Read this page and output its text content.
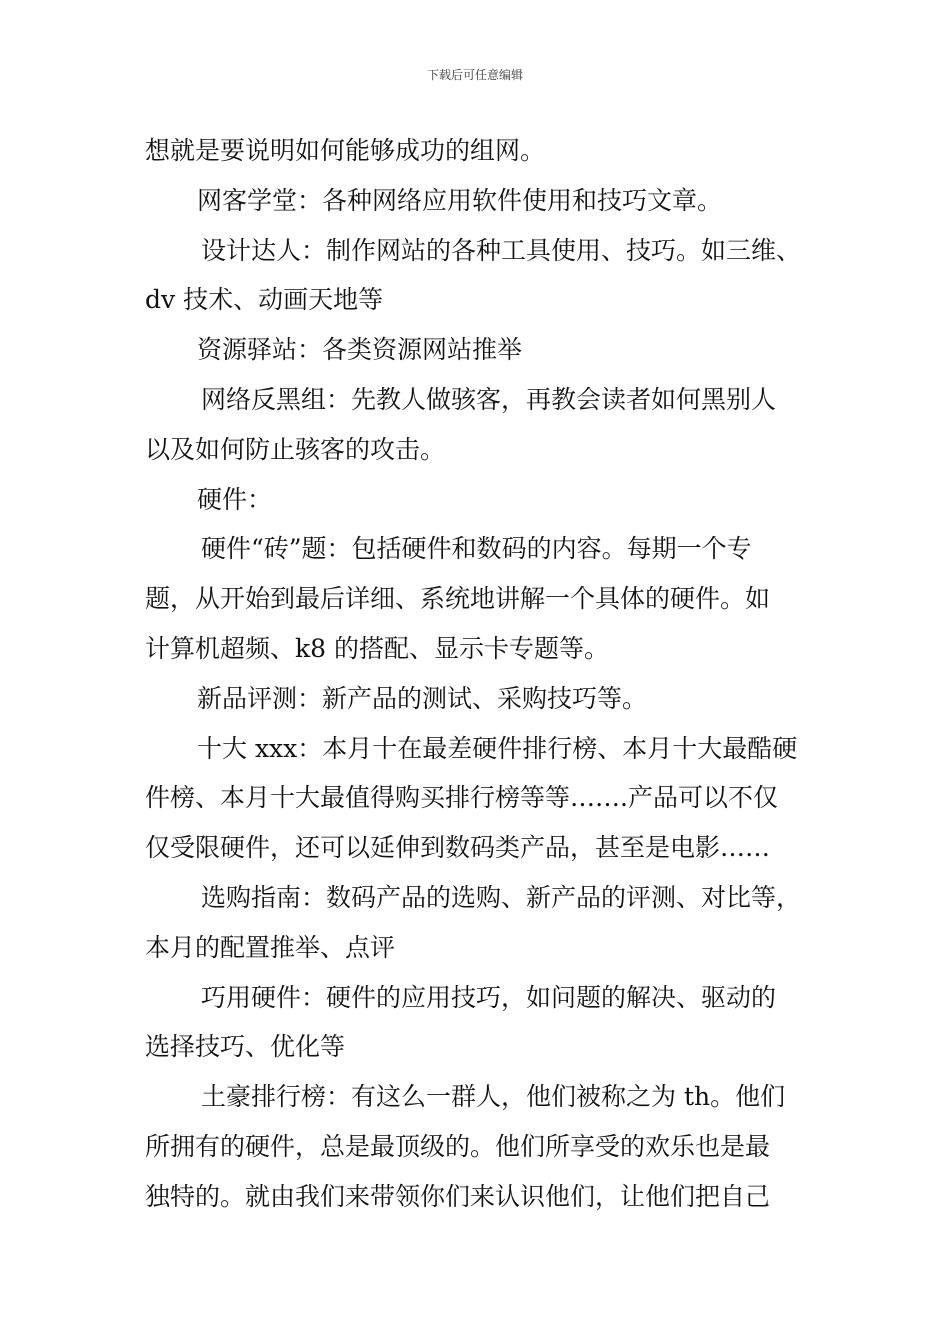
下载后可任意编辑
想就是要说明如何能够成功的组网。
网客学堂：各种网络应用软件使用和技巧文章。
设计达人：制作网站的各种工具使用、技巧。如三维、
dv 技术、动画天地等
资源驿站：各类资源网站推举
网络反黑组：先教人做骇客，再教会读者如何黑别人
以及如何防止骇客的攻击。
硬件：
硬件“砖”题：包括硬件和数码的内容。每期一个专
题，从开始到最后详细、系统地讲解一个具体的硬件。如
计算机超频、k8 的搭配、显示卡专题等。
新品评测：新产品的测试、采购技巧等。
十大 xxx：本月十在最差硬件排行榜、本月十大最酷硬
件榜、本月十大最值得购买排行榜等等…….产品可以不仅
仅受限硬件，还可以延伸到数码类产品，甚至是电影……
选购指南：数码产品的选购、新产品的评测、对比等，
本月的配置推举、点评
巧用硬件：硬件的应用技巧，如问题的解决、驱动的
选择技巧、优化等
土豪排行榜：有这么一群人，他们被称之为 th。他们
所拥有的硬件，总是最顶级的。他们所享受的欢乐也是最
独特的。就由我们来带领你们来认识他们，让他们把自己
